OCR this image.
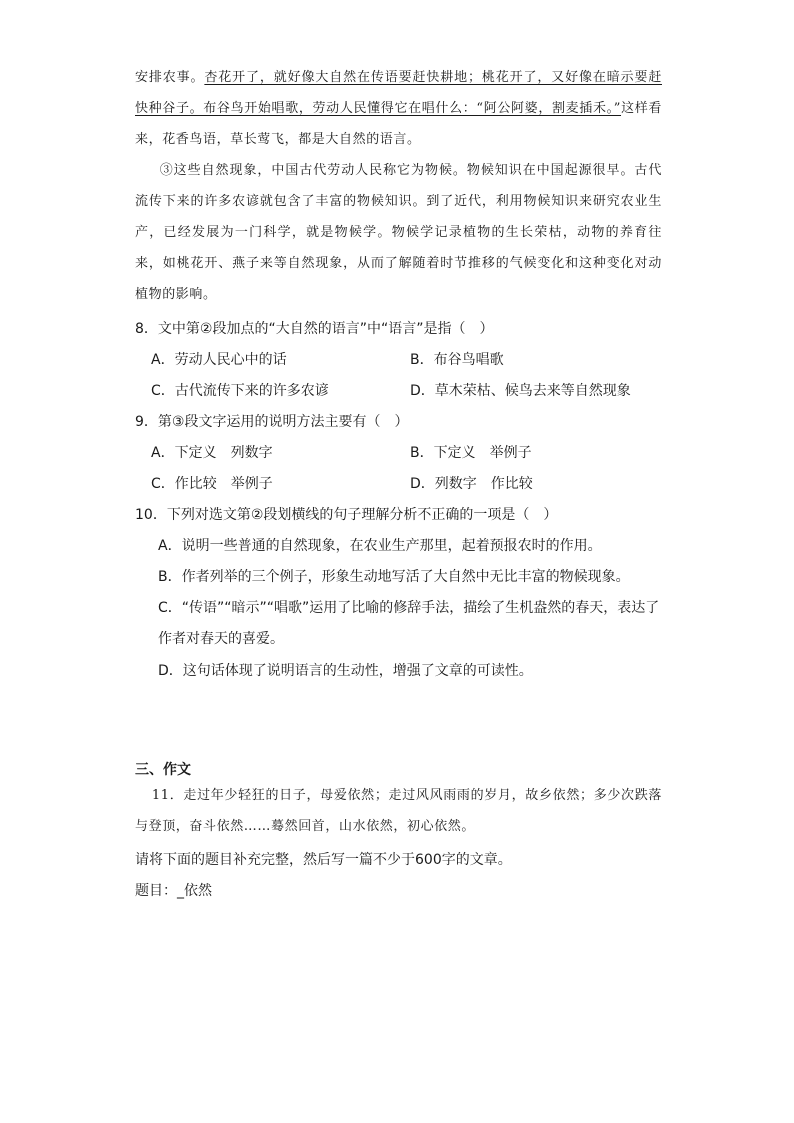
安排农事。杏花开了，就好像大自然在传语要赶快耕地；桃花开了，又好像在暗示要赶快种谷子。布谷鸟开始唱歌，劳动人民懂得它在唱什么：“阿公阿婆，割麦插禾。”这样看来，花香鸟语，草长莺飞，都是大自然的语言。

③这些自然现象，中国古代劳动人民称它为物候。物候知识在中国起源很早。古代流传下来的许多农谚就包含了丰富的物候知识。到了近代，利用物候知识来研究农业生产，已经发展为一门科学，就是物候学。物候学记录植物的生长荣枯，动物的养育往来，如桃花开、燕子来等自然现象，从而了解随着时节推移的气候变化和这种变化对动植物的影响。

8．文中第②段加点的“大自然的语言”中“语言”是指（　）

A．劳动人民心中的话	B．布谷鸟唱歌

C．古代流传下来的许多农谚	D．草木荣枯、候鸟去来等自然现象

9．第③段文字运用的说明方法主要有（　）

A．下定义　列数字	B．下定义　举例子

C．作比较　举例子	D．列数字　作比较

10．下列对选文第②段划横线的句子理解分析不正确的一项是（　）

A．说明一些普通的自然现象，在农业生产那里，起着预报农时的作用。

B．作者列举的三个例子，形象生动地写活了大自然中无比丰富的物候现象。

C．“传语”“暗示”“唱歌”运用了比喻的修辞手法，描绘了生机盎然的春天，表达了作者对春天的喜爱。

D．这句话体现了说明语言的生动性，增强了文章的可读性。

三、作文

11．走过年少轻狂的日子，母爱依然；走过风风雨雨的岁月，故乡依然；多少次跌落与登顶，奋斗依然……蓦然回首，山水依然，初心依然。

请将下面的题目补充完整，然后写一篇不少于600字的文章。

题目：_依然
